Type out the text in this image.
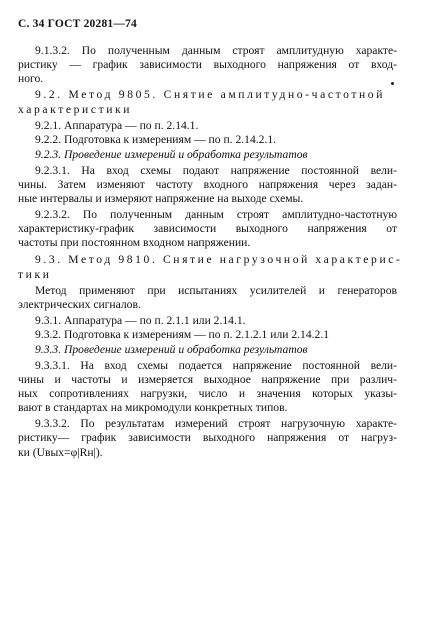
С. 34 ГОСТ 20281—74
9.1.3.2. По полученным данным строят амплитудную характе-
ристику — график зависимости выходного напряжения от вход-
ного.
9.2. Метод 9805. Снятие амплитудно-частотной
характеристики
9.2.1. Аппаратура — по п. 2.14.1.
9.2.2. Подготовка к измерениям — по п. 2.14.2.1.
9.2.3. Проведение измерений и обработка результатов
9.2.3.1. На вход схемы подают напряжение постоянной вели-
чины. Затем изменяют частоту входного напряжения через задан-
ные интервалы и измеряют напряжение на выходе схемы.
9.2.3.2. По полученным данным строят амплитудно-частотную
характеристику-график зависимости выходного напряжения от
частоты при постоянном входном напряжении.
9.3. Метод 9810. Снятие нагрузочной характерис-
тики
Метод применяют при испытаниях усилителей и генераторов
электрических сигналов.
9.3.1. Аппаратура — по п. 2.1.1 или 2.14.1.
9.3.2. Подготовка к измерениям — по п. 2.1.2.1 или 2.14.2.1
9.3.3. Проведение измерений и обработка результатов
9.3.3.1. На вход схемы подается напряжение постоянной вели-
чины и частоты и измеряется выходное напряжение при различ-
ных сопротивлениях нагрузки, число и значения которых указы-
вают в стандартах на микромодули конкретных типов.
9.3.3.2. По результатам измерений строят нагрузочную характе-
ристику— график зависимости выходного напряжения от нагруз-
ки (Uвых=φ|Rн|).
